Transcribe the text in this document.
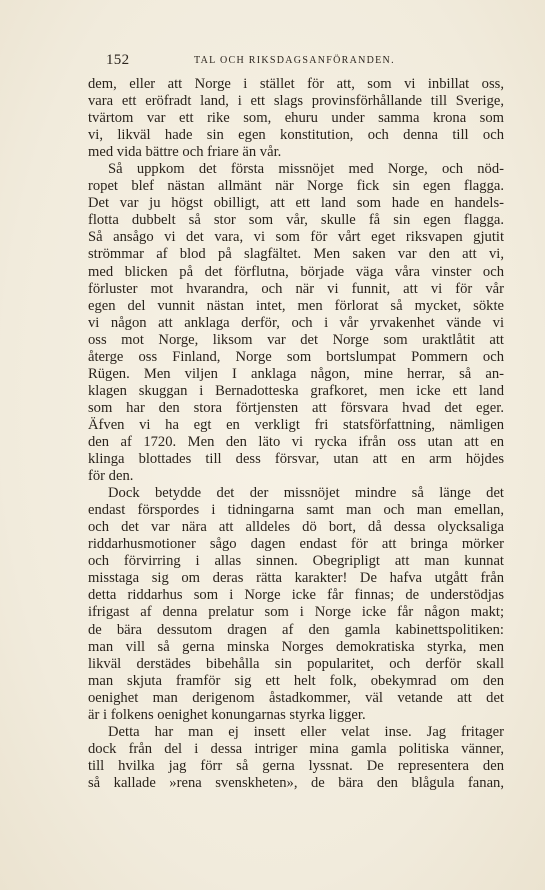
152	TAL OCH RIKSDAGSANFÖRANDEN.
dem, eller att Norge i stället för att, som vi inbillat oss,
vara ett eröfradt land, i ett slags provinsförhållande till Sverige,
tvärtom var ett rike som, ehuru under samma krona som
vi, likväl hade sin egen konstitution, och denna till och
med vida bättre och friare än vår.
Så uppkom det första missnöjet med Norge, och nöd-
ropet blef nästan allmänt när Norge fick sin egen flagga.
Det var ju högst obilligt, att ett land som hade en handels-
flotta dubbelt så stor som vår, skulle få sin egen flagga.
Så ansågo vi det vara, vi som för vårt eget riksvapen gjutit
strömmar af blod på slagfältet. Men saken var den att vi,
med blicken på det förflutna, började väga våra vinster och
förluster mot hvarandra, och när vi funnit, att vi för vår
egen del vunnit nästan intet, men förlorat så mycket, sökte
vi någon att anklaga derför, och i vår yrvakenhet vände vi
oss mot Norge, liksom var det Norge som uraktlåtit att
återge oss Finland, Norge som bortslumpat Pommern och
Rügen. Men viljen I anklaga någon, mine herrar, så an-
klagen skuggan i Bernadotteska grafkoret, men icke ett land
som har den stora förtjensten att försvara hvad det eger.
Äfven vi ha egt en verkligt fri statsförfattning, nämligen
den af 1720. Men den läto vi rycka ifrån oss utan att en
klinga blottades till dess försvar, utan att en arm höjdes
för den.
Dock betydde det der missnöjet mindre så länge det
endast förspordes i tidningarna samt man och man emellan,
och det var nära att alldeles dö bort, då dessa olycksaliga
riddarhusmotioner sågo dagen endast för att bringa mörker
och förvirring i allas sinnen. Obegripligt att man kunnat
misstaga sig om deras rätta karakter! De hafva utgått från
detta riddarhus som i Norge icke får finnas; de understödjas
ifrigast af denna prelatur som i Norge icke får någon makt;
de bära dessutom dragen af den gamla kabinettspolitiken:
man vill så gerna minska Norges demokratiska styrka, men
likväl derstädes bibehålla sin popularitet, och derför skall
man skjuta framför sig ett helt folk, obekymrad om den
oenighet man derigenom åstadkommer, väl vetande att det
är i folkens oenighet konungarnas styrka ligger.
Detta har man ej insett eller velat inse. Jag fritager
dock från del i dessa intriger mina gamla politiska vänner,
till hvilka jag förr så gerna lyssnat. De representera den
så kallade »rena svenskheten», de bära den blågula fanan,
